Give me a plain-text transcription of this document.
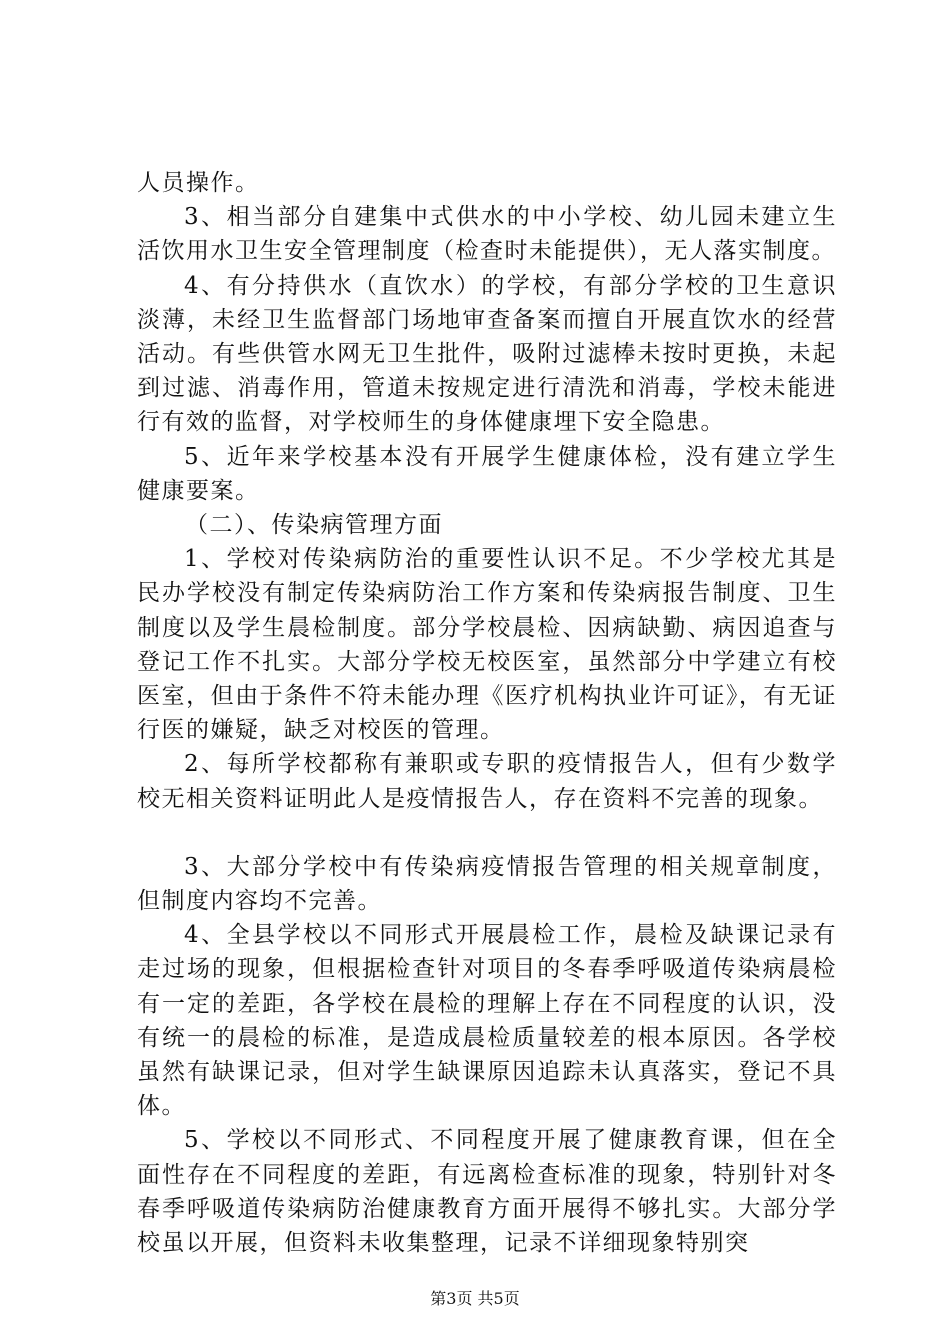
人员操作。

3、相当部分自建集中式供水的中小学校、幼儿园未建立生活饮用水卫生安全管理制度（检查时未能提供），无人落实制度。

4、有分持供水（直饮水）的学校，有部分学校的卫生意识淡薄，未经卫生监督部门场地审查备案而擅自开展直饮水的经营活动。有些供管水网无卫生批件，吸附过滤棒未按时更换，未起到过滤、消毒作用，管道未按规定进行清洗和消毒，学校未能进行有效的监督，对学校师生的身体健康埋下安全隐患。

5、近年来学校基本没有开展学生健康体检，没有建立学生健康要案。

（二）、传染病管理方面

1、学校对传染病防治的重要性认识不足。不少学校尤其是民办学校没有制定传染病防治工作方案和传染病报告制度、卫生制度以及学生晨检制度。部分学校晨检、因病缺勤、病因追查与登记工作不扎实。大部分学校无校医室，虽然部分中学建立有校医室，但由于条件不符未能办理《医疗机构执业许可证》，有无证行医的嫌疑，缺乏对校医的管理。

2、每所学校都称有兼职或专职的疫情报告人，但有少数学校无相关资料证明此人是疫情报告人，存在资料不完善的现象。

3、大部分学校中有传染病疫情报告管理的相关规章制度，但制度内容均不完善。

4、全县学校以不同形式开展晨检工作，晨检及缺课记录有走过场的现象，但根据检查针对项目的冬春季呼吸道传染病晨检有一定的差距，各学校在晨检的理解上存在不同程度的认识，没有统一的晨检的标准，是造成晨检质量较差的根本原因。各学校虽然有缺课记录，但对学生缺课原因追踪未认真落实，登记不具体。

5、学校以不同形式、不同程度开展了健康教育课，但在全面性存在不同程度的差距，有远离检查标准的现象，特别针对冬春季呼吸道传染病防治健康教育方面开展得不够扎实。大部分学校虽以开展，但资料未收集整理，记录不详细现象特别突

第3页 共5页
